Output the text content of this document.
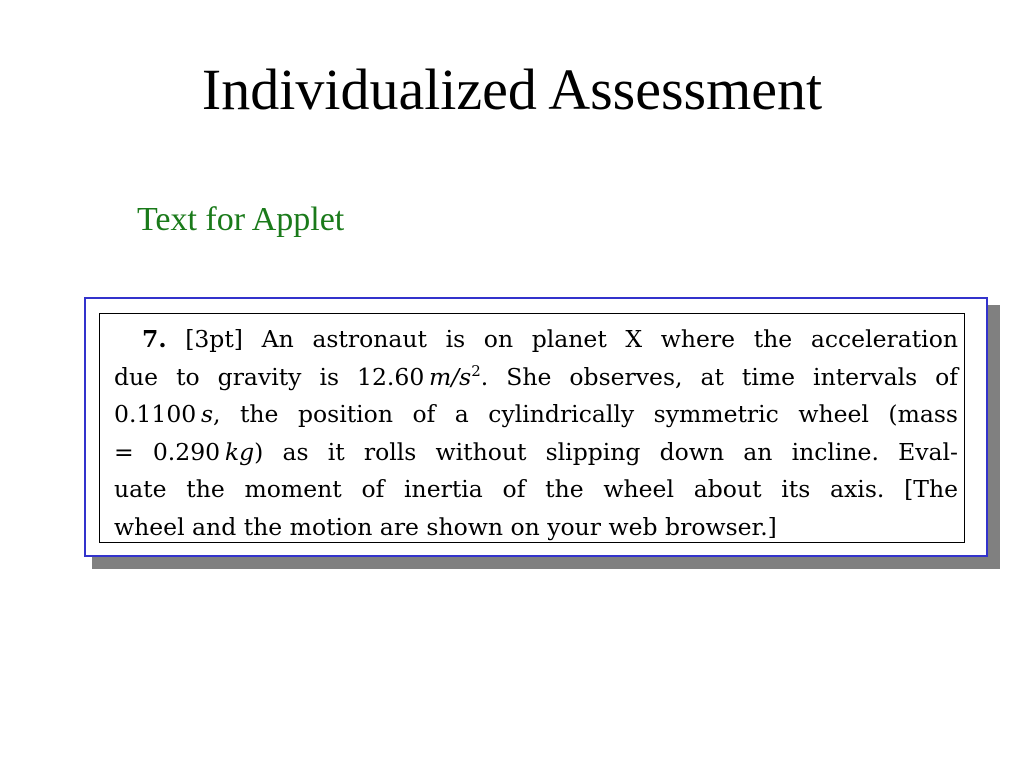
Individualized Assessment
Text for Applet
7. [3pt] An astronaut is on planet X where the acceleration
due to gravity is 12.60  $m/s^2$. She observes, at time intervals of
0.1100  s, the position of a cylindrically symmetric wheel (mass
= 0.290  kg) as it rolls without slipping down an incline. Eval-
uate the moment of inertia of the wheel about its axis. [The
wheel and the motion are shown on your web browser.]
